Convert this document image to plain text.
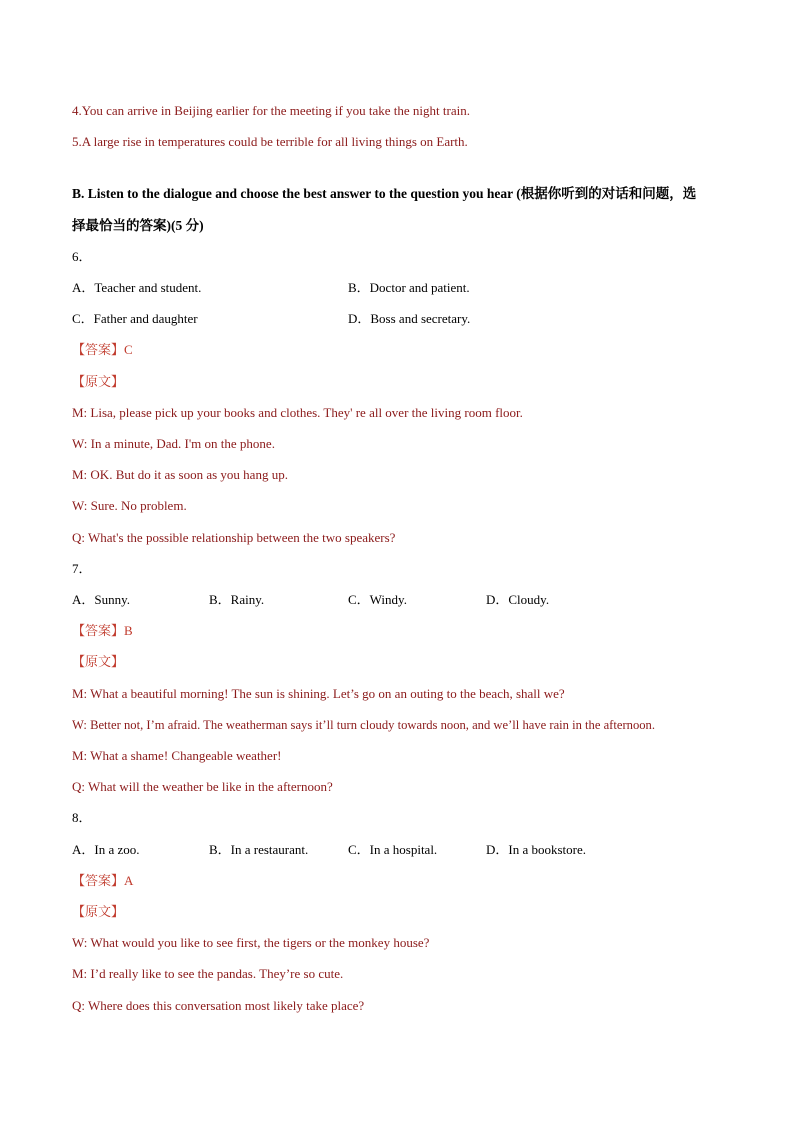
4.You can arrive in Beijing earlier for the meeting if you take the night train.
5.A large rise in temperatures could be terrible for all living things on Earth.
B. Listen to the dialogue and choose the best answer to the question you hear (根据你听到的对话和问题，选
择最恰当的答案)(5 分)
6．
A．Teacher and student.	B．Doctor and patient.
C．Father and daughter	D．Boss and secretary.
【答案】C
【原文】
M: Lisa, please pick up your books and clothes. They' re all over the living room floor.
W: In a minute, Dad. I'm on the phone.
M: OK. But do it as soon as you hang up.
W: Sure. No problem.
Q: What's the possible relationship between the two speakers?
7．
A．Sunny.	B．Rainy.	C．Windy.	D．Cloudy.
【答案】B
【原文】
M: What a beautiful morning! The sun is shining. Let’s go on an outing to the beach, shall we?
W: Better not, I’m afraid. The weatherman says it’ll turn cloudy towards noon, and we’ll have rain in the afternoon.
M: What a shame! Changeable weather!
Q: What will the weather be like in the afternoon?
8．
A．In a zoo.	B．In a restaurant.	C．In a hospital.	D．In a bookstore.
【答案】A
【原文】
W: What would you like to see first, the tigers or the monkey house?
M: I’d really like to see the pandas. They’re so cute.
Q: Where does this conversation most likely take place?
